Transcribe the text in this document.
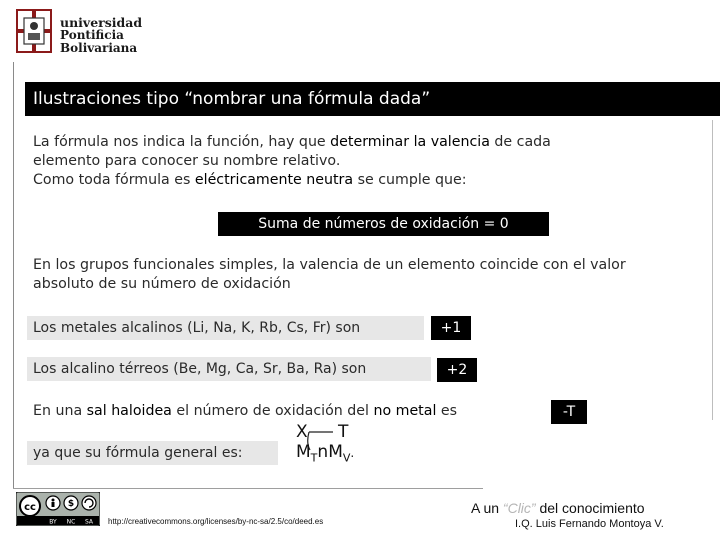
universidad
Pontificia
Bolivariana
Ilustraciones tipo “nombrar una fórmula dada”
La fórmula nos indica la función, hay que determinar la valencia de cada
elemento para conocer su nombre relativo.
Como toda fórmula es eléctricamente neutra se cumple que:
Suma de números de oxidación = 0
En los grupos funcionales simples, la valencia de un elemento coincide con el valor
absoluto de su número de oxidación
Los metales alcalinos (Li, Na, K, Rb, Cs, Fr) son	+1
Los alcalino térreos (Be, Mg, Ca, Sr, Ba, Ra) son	+2
En una sal haloidea el número de oxidación del no metal es	-T
ya que su fórmula general es:
X T
$M_TnM_V$.
cc	$
BY NC SA http://creativecommons.org/licenses/by-nc-sa/2.5/co/deed.es
A un “Clic” del conocimiento
I.Q. Luis Fernando Montoya V.
